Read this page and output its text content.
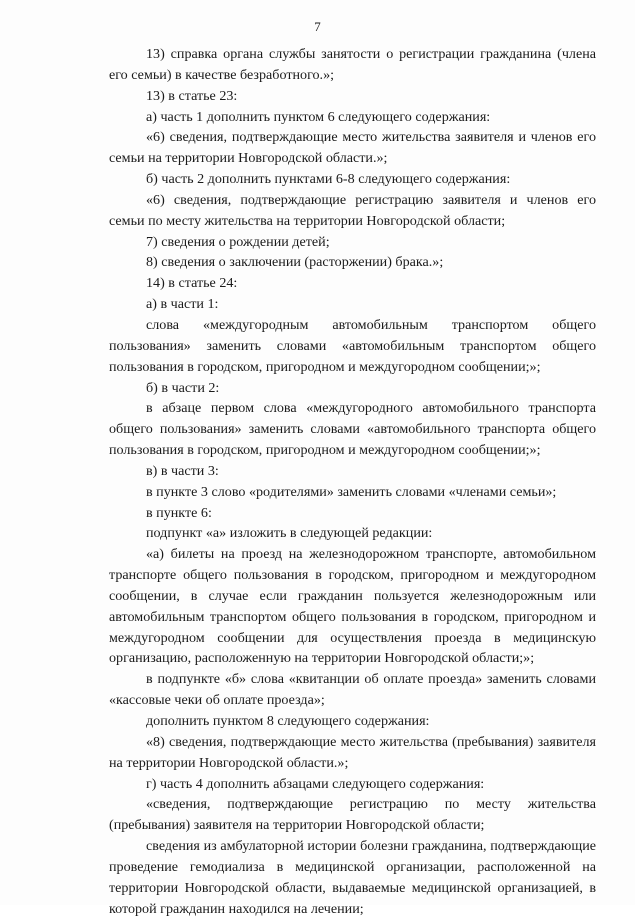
7

13) справка органа службы занятости о регистрации гражданина (члена его семьи) в качестве безработного.»;

13) в статье 23:

а) часть 1 дополнить пунктом 6 следующего содержания:

«6) сведения, подтверждающие место жительства заявителя и членов его семьи на территории Новгородской области.»;

б) часть 2 дополнить пунктами 6-8 следующего содержания:

«6) сведения, подтверждающие регистрацию заявителя и членов его семьи по месту жительства на территории Новгородской области;

7) сведения о рождении детей;

8) сведения о заключении (расторжении) брака.»;

14) в статье 24:

а) в части 1:

слова «междугородным автомобильным транспортом общего пользования» заменить словами «автомобильным транспортом общего пользования в городском, пригородном и междугородном сообщении;»;

б) в части 2:

в абзаце первом слова «междугородного автомобильного транспорта общего пользования» заменить словами «автомобильного транспорта общего пользования в городском, пригородном и междугородном сообщении;»;

в) в части 3:

в пункте 3 слово «родителями» заменить словами «членами семьи»;

в пункте 6:

подпункт «а» изложить в следующей редакции:

«а) билеты на проезд на железнодорожном транспорте, автомобильном транспорте общего пользования в городском, пригородном и междугородном сообщении, в случае если гражданин пользуется железнодорожным или автомобильным транспортом общего пользования в городском, пригородном и междугородном сообщении для осуществления проезда в медицинскую организацию, расположенную на территории Новгородской области;»;

в подпункте «б» слова «квитанции об оплате проезда» заменить словами «кассовые чеки об оплате проезда»;

дополнить пунктом 8 следующего содержания:

«8) сведения, подтверждающие место жительства (пребывания) заявителя на территории Новгородской области.»;

г) часть 4 дополнить абзацами следующего содержания:

«сведения, подтверждающие регистрацию по месту жительства (пребывания) заявителя на территории Новгородской области;

сведения из амбулаторной истории болезни гражданина, подтверждающие проведение гемодиализа в медицинской организации, расположенной на территории Новгородской области, выдаваемые медицинской организацией, в которой гражданин находился на лечении;
